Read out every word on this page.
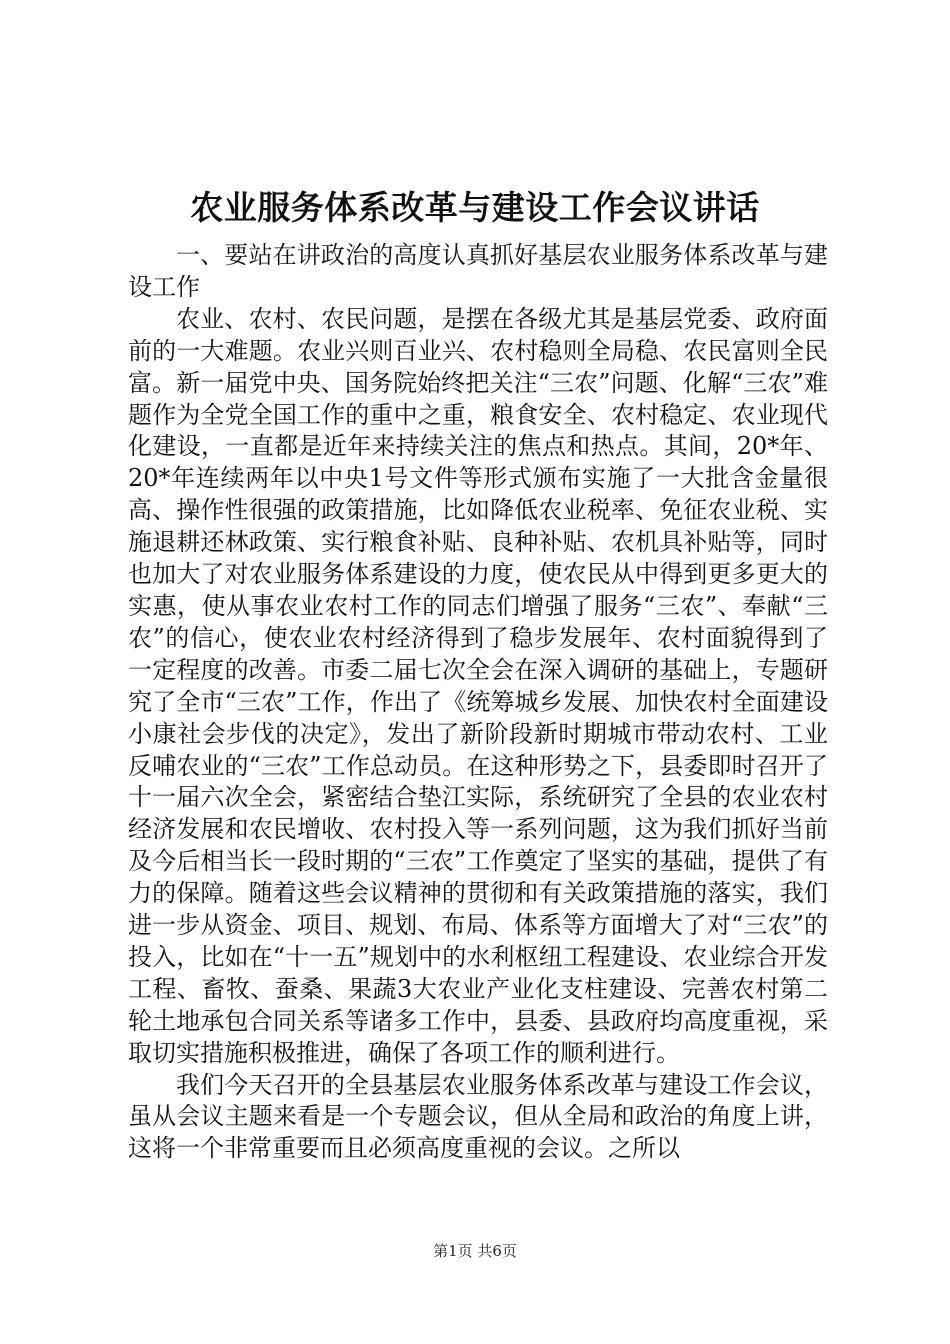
农业服务体系改革与建设工作会议讲话

一、要站在讲政治的高度认真抓好基层农业服务体系改革与建设工作

农业、农村、农民问题，是摆在各级尤其是基层党委、政府面前的一大难题。农业兴则百业兴、农村稳则全局稳、农民富则全民富。新一届党中央、国务院始终把关注“三农”问题、化解“三农”难题作为全党全国工作的重中之重，粮食安全、农村稳定、农业现代化建设，一直都是近年来持续关注的焦点和热点。其间，20*年、20*年连续两年以中央1号文件等形式颁布实施了一大批含金量很高、操作性很强的政策措施，比如降低农业税率、免征农业税、实施退耕还林政策、实行粮食补贴、良种补贴、农机具补贴等，同时也加大了对农业服务体系建设的力度，使农民从中得到更多更大的实惠，使从事农业农村工作的同志们增强了服务“三农”、奉献“三农”的信心，使农业农村经济得到了稳步发展年、农村面貌得到了一定程度的改善。市委二届七次全会在深入调研的基础上，专题研究了全市“三农”工作，作出了《统筹城乡发展、加快农村全面建设小康社会步伐的决定》，发出了新阶段新时期城市带动农村、工业反哺农业的“三农”工作总动员。在这种形势之下，县委即时召开了十一届六次全会，紧密结合垫江实际，系统研究了全县的农业农村经济发展和农民增收、农村投入等一系列问题，这为我们抓好当前及今后相当长一段时期的“三农”工作奠定了坚实的基础，提供了有力的保障。随着这些会议精神的贯彻和有关政策措施的落实，我们进一步从资金、项目、规划、布局、体系等方面增大了对“三农”的投入，比如在“十一五”规划中的水利枢纽工程建设、农业综合开发工程、畜牧、蚕桑、果蔬3大农业产业化支柱建设、完善农村第二轮土地承包合同关系等诸多工作中，县委、县政府均高度重视，采取切实措施积极推进，确保了各项工作的顺利进行。

我们今天召开的全县基层农业服务体系改革与建设工作会议，虽从会议主题来看是一个专题会议，但从全局和政治的角度上讲，这将一个非常重要而且必须高度重视的会议。之所以

第1页 共6页
